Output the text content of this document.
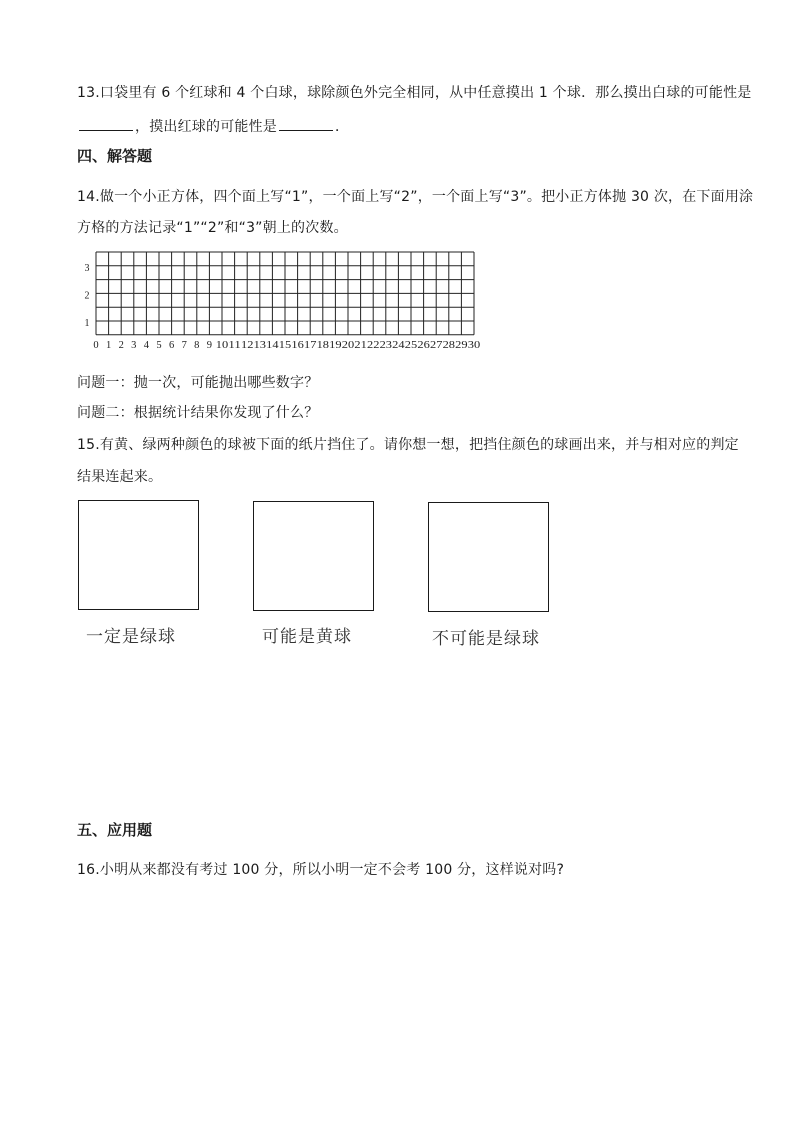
13.口袋里有 6 个红球和 4 个白球，球除颜色外完全相同，从中任意摸出 1 个球．那么摸出白球的可能性是
，摸出红球的可能性是	．
四、解答题
14.做一个小正方体，四个面上写“1”，一个面上写“2”，一个面上写“3”。把小正方体抛 30 次，在下面用涂
方格的方法记录“1”“2”和“3”朝上的次数。
3
2
1
0 1 2 3 4 5 6 7 8 9 10 11 12 13 14 15 16 17 18 19 20 21 22 23 24 25 26 27 28 29 30
问题一：抛一次，可能抛出哪些数字？
问题二：根据统计结果你发现了什么？
15.有黄、绿两种颜色的球被下面的纸片挡住了。请你想一想，把挡住颜色的球画出来，并与相对应的判定
结果连起来。
一定是绿球	可能是黄球	不可能是绿球
五、应用题
16.小明从来都没有考过 100 分，所以小明一定不会考 100 分，这样说对吗?
